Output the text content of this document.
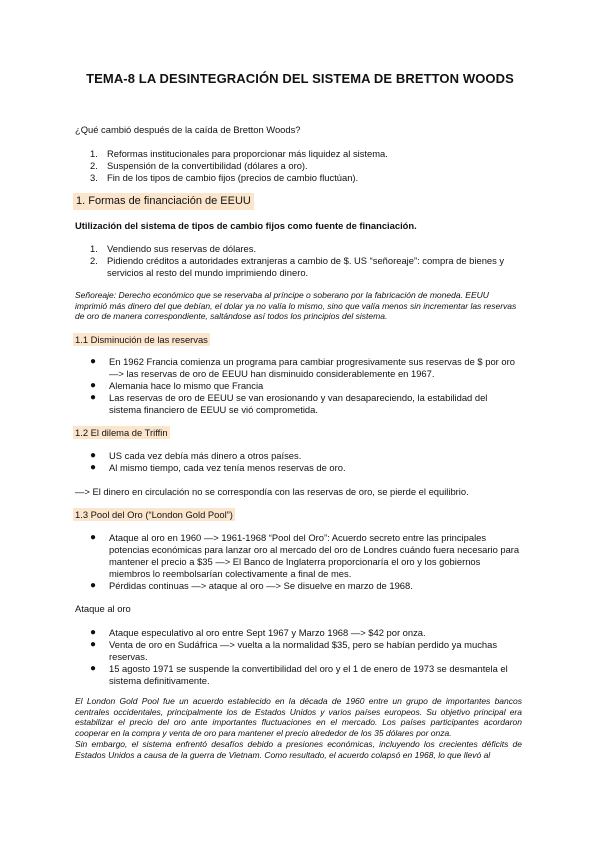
TEMA-8 LA DESINTEGRACIÓN DEL SISTEMA DE BRETTON WOODS
¿Qué cambió después de la caída de Bretton Woods?
1. Reformas institucionales para proporcionar más liquidez al sistema.
2. Suspensión de la convertibilidad (dólares a oro).
3. Fin de los tipos de cambio fijos (precios de cambio fluctúan).
1. Formas de financiación de EEUU
Utilización del sistema de tipos de cambio fijos como fuente de financiación.
1. Vendiendo sus reservas de dólares.
2. Pidiendo créditos a autoridades extranjeras a cambio de $. US “señoreaje”: compra de bienes y servicios al resto del mundo imprimiendo dinero.
Señoreaje: Derecho económico que se reservaba al príncipe o soberano por la fabricación de moneda. EEUU imprimió más dinero del que debían, el dolar ya no valía lo mismo, sino que valía menos sin incrementar las reservas de oro de manera correspondiente, saltándose así todos los principios del sistema.
1.1 Disminución de las reservas
● En 1962 Francia comienza un programa para cambiar progresivamente sus reservas de $ por oro —> las reservas de oro de EEUU han disminuido considerablemente en 1967.
● Alemania hace lo mismo que Francia
● Las reservas de oro de EEUU se van erosionando y van desapareciendo, la estabilidad del sistema financiero de EEUU se vió comprometida.
1.2 El dilema de Triffin
● US cada vez debía más dinero a otros países.
● Al mismo tiempo, cada vez tenía menos reservas de oro.
—> El dinero en circulación no se correspondía con las reservas de oro, se pierde el equilibrio.
1.3 Pool del Oro (“London Gold Pool”)
● Ataque al oro en 1960 —> 1961-1968 “Pool del Oro”: Acuerdo secreto entre las principales potencias económicas para lanzar oro al mercado del oro de Londres cuándo fuera necesario para mantener el precio a $35 —> El Banco de Inglaterra proporcionaría el oro y los gobiernos miembros lo reembolsarían colectivamente a final de mes.
● Pérdidas continuas —> ataque al oro —> Se disuelve en marzo de 1968.
Ataque al oro
● Ataque especulativo al oro entre Sept 1967 y Marzo 1968 —> $42 por onza.
● Venta de oro en Sudáfrica —> vuelta a la normalidad $35, pero se habían perdido ya muchas reservas.
● 15 agosto 1971 se suspende la convertibilidad del oro y el 1 de enero de 1973 se desmantela el sistema definitivamente.
El London Gold Pool fue un acuerdo establecido en la década de 1960 entre un grupo de importantes bancos centrales occidentales, principalmente los de Estados Unidos y varios países europeos. Su objetivo principal era estabilizar el precio del oro ante importantes fluctuaciones en el mercado. Los países participantes acordaron cooperar en la compra y venta de oro para mantener el precio alrededor de los 35 dólares por onza.
Sin embargo, el sistema enfrentó desafíos debido a presiones económicas, incluyendo los crecientes déficits de Estados Unidos a causa de la guerra de Vietnam. Como resultado, el acuerdo colapsó en 1968, lo que llevó al
